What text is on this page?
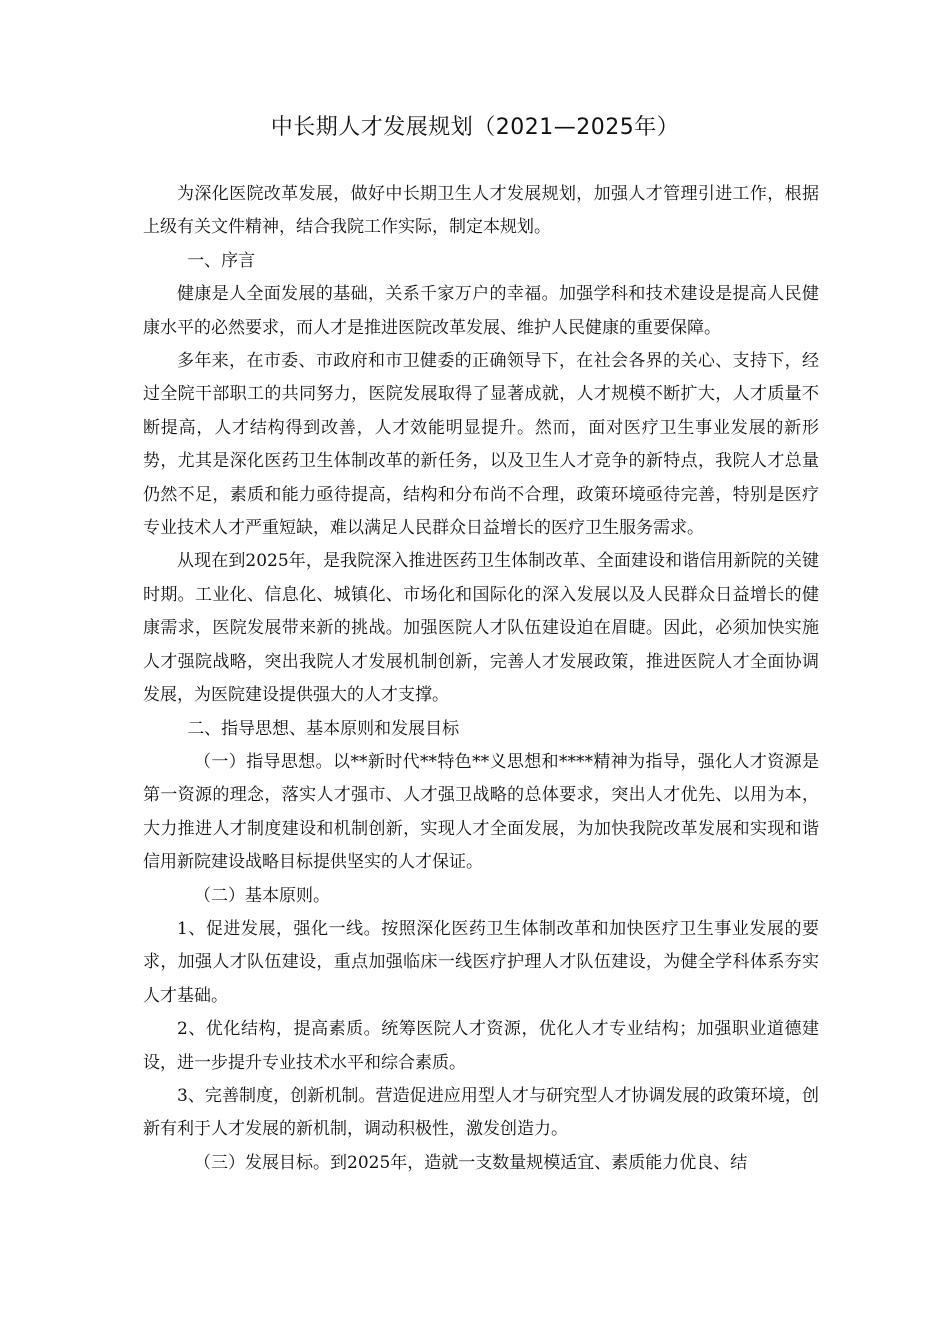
中长期人才发展规划（2021—2025年）

为深化医院改革发展，做好中长期卫生人才发展规划，加强人才管理引进工作，根据上级有关文件精神，结合我院工作实际，制定本规划。

一、序言

健康是人全面发展的基础，关系千家万户的幸福。加强学科和技术建设是提高人民健康水平的必然要求，而人才是推进医院改革发展、维护人民健康的重要保障。

多年来，在市委、市政府和市卫健委的正确领导下，在社会各界的关心、支持下，经过全院干部职工的共同努力，医院发展取得了显著成就，人才规模不断扩大，人才质量不断提高，人才结构得到改善，人才效能明显提升。然而，面对医疗卫生事业发展的新形势，尤其是深化医药卫生体制改革的新任务，以及卫生人才竞争的新特点，我院人才总量仍然不足，素质和能力亟待提高，结构和分布尚不合理，政策环境亟待完善，特别是医疗专业技术人才严重短缺，难以满足人民群众日益增长的医疗卫生服务需求。

从现在到2025年，是我院深入推进医药卫生体制改革、全面建设和谐信用新院的关键时期。工业化、信息化、城镇化、市场化和国际化的深入发展以及人民群众日益增长的健康需求，医院发展带来新的挑战。加强医院人才队伍建设迫在眉睫。因此，必须加快实施人才强院战略，突出我院人才发展机制创新，完善人才发展政策，推进医院人才全面协调发展，为医院建设提供强大的人才支撑。

二、指导思想、基本原则和发展目标

（一）指导思想。以**新时代**特色**义思想和****精神为指导，强化人才资源是第一资源的理念，落实人才强市、人才强卫战略的总体要求，突出人才优先、以用为本，大力推进人才制度建设和机制创新，实现人才全面发展，为加快我院改革发展和实现和谐信用新院建设战略目标提供坚实的人才保证。

（二）基本原则。

1、促进发展，强化一线。按照深化医药卫生体制改革和加快医疗卫生事业发展的要求，加强人才队伍建设，重点加强临床一线医疗护理人才队伍建设，为健全学科体系夯实人才基础。

2、优化结构，提高素质。统筹医院人才资源，优化人才专业结构；加强职业道德建设，进一步提升专业技术水平和综合素质。

3、完善制度，创新机制。营造促进应用型人才与研究型人才协调发展的政策环境，创新有利于人才发展的新机制，调动积极性，激发创造力。

（三）发展目标。到2025年，造就一支数量规模适宜、素质能力优良、结
